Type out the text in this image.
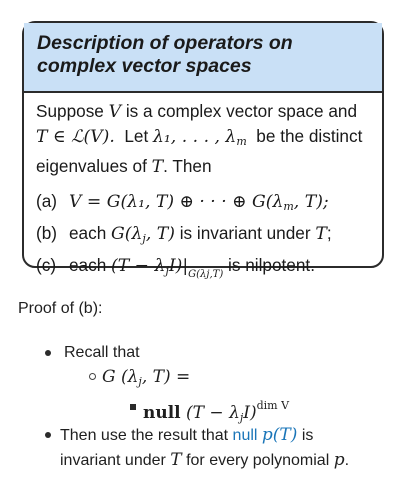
Description of operators on complex vector spaces

Suppose V is a complex vector space and
T ∈ ℒ(V).  Let λ₁, . . . , $\lambda_m$  be the distinct
eigenvalues of T. Then

(a) V = G(λ₁, T) ⊕ · · · ⊕ $G(\lambda_m$, T);
(b) each $G(\lambda_j$, T) is invariant under T;
(c) each $(T - \lambda_jI)|_{G(\lambda j,T)}$ is nilpotent.

Proof of (b):

Recall that
G ($\lambda_j$, T) =
null $(T - \lambda_jI)^{dim V}$
Then use the result that null p(T) is
invariant under T for every polynomial p.
